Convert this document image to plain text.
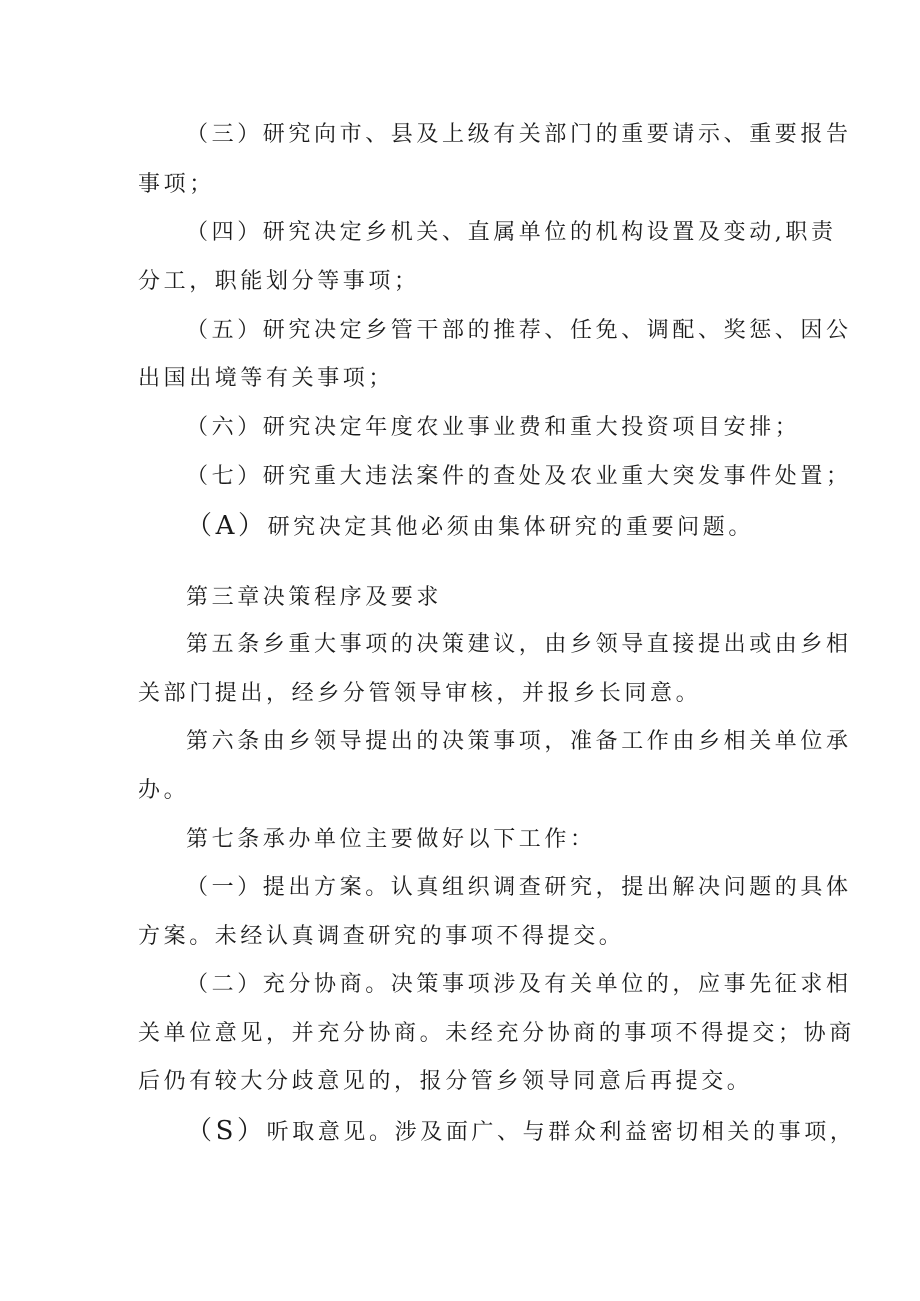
（三）研究向市、县及上级有关部门的重要请示、重要报告
事项；
（四）研究决定乡机关、直属单位的机构设置及变动,职责
分工，职能划分等事项；
（五）研究决定乡管干部的推荐、任免、调配、奖惩、因公
出国出境等有关事项；
（六）研究决定年度农业事业费和重大投资项目安排；
（七）研究重大违法案件的查处及农业重大突发事件处置；
（A）研究决定其他必须由集体研究的重要问题。
第三章决策程序及要求
第五条乡重大事项的决策建议，由乡领导直接提出或由乡相
关部门提出，经乡分管领导审核，并报乡长同意。
第六条由乡领导提出的决策事项，准备工作由乡相关单位承
办。
第七条承办单位主要做好以下工作：
（一）提出方案。认真组织调查研究，提出解决问题的具体
方案。未经认真调查研究的事项不得提交。
（二）充分协商。决策事项涉及有关单位的，应事先征求相
关单位意见，并充分协商。未经充分协商的事项不得提交；协商
后仍有较大分歧意见的，报分管乡领导同意后再提交。
（S）听取意见。涉及面广、与群众利益密切相关的事项，
